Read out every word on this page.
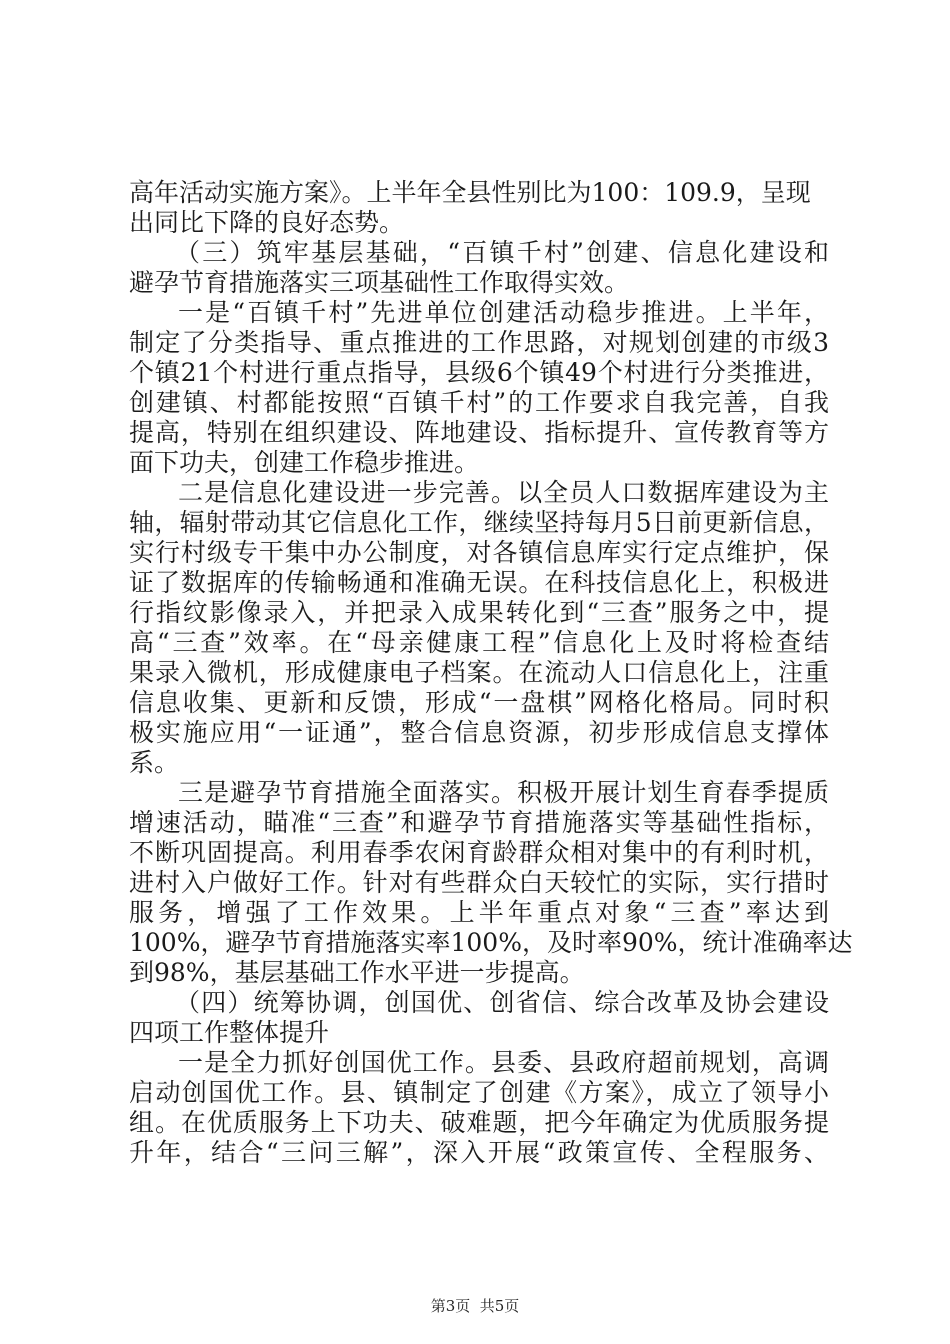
高年活动实施方案》。上半年全县性别比为100：109.9，呈现
出同比下降的良好态势。
（三）筑牢基层基础，“百镇千村”创建、信息化建设和
避孕节育措施落实三项基础性工作取得实效。
一是“百镇千村”先进单位创建活动稳步推进。上半年，
制定了分类指导、重点推进的工作思路，对规划创建的市级3
个镇21个村进行重点指导，县级6个镇49个村进行分类推进，
创建镇、村都能按照“百镇千村”的工作要求自我完善，自我
提高，特别在组织建设、阵地建设、指标提升、宣传教育等方
面下功夫，创建工作稳步推进。
二是信息化建设进一步完善。以全员人口数据库建设为主
轴，辐射带动其它信息化工作，继续坚持每月5日前更新信息，
实行村级专干集中办公制度，对各镇信息库实行定点维护，保
证了数据库的传输畅通和准确无误。在科技信息化上，积极进
行指纹影像录入，并把录入成果转化到“三查”服务之中，提
高“三查”效率。在“母亲健康工程”信息化上及时将检查结
果录入微机，形成健康电子档案。在流动人口信息化上，注重
信息收集、更新和反馈，形成“一盘棋”网格化格局。同时积
极实施应用“一证通”，整合信息资源，初步形成信息支撑体
系。
三是避孕节育措施全面落实。积极开展计划生育春季提质
增速活动，瞄准“三查”和避孕节育措施落实等基础性指标，
不断巩固提高。利用春季农闲育龄群众相对集中的有利时机，
进村入户做好工作。针对有些群众白天较忙的实际，实行措时
服务，增强了工作效果。上半年重点对象“三查”率达到
100%，避孕节育措施落实率100%，及时率90%，统计准确率达
到98%，基层基础工作水平进一步提高。
（四）统筹协调，创国优、创省信、综合改革及协会建设
四项工作整体提升
一是全力抓好创国优工作。县委、县政府超前规划，高调
启动创国优工作。县、镇制定了创建《方案》，成立了领导小
组。在优质服务上下功夫、破难题，把今年确定为优质服务提
升年，结合“三问三解”，深入开展“政策宣传、全程服务、
第3页  共5页
